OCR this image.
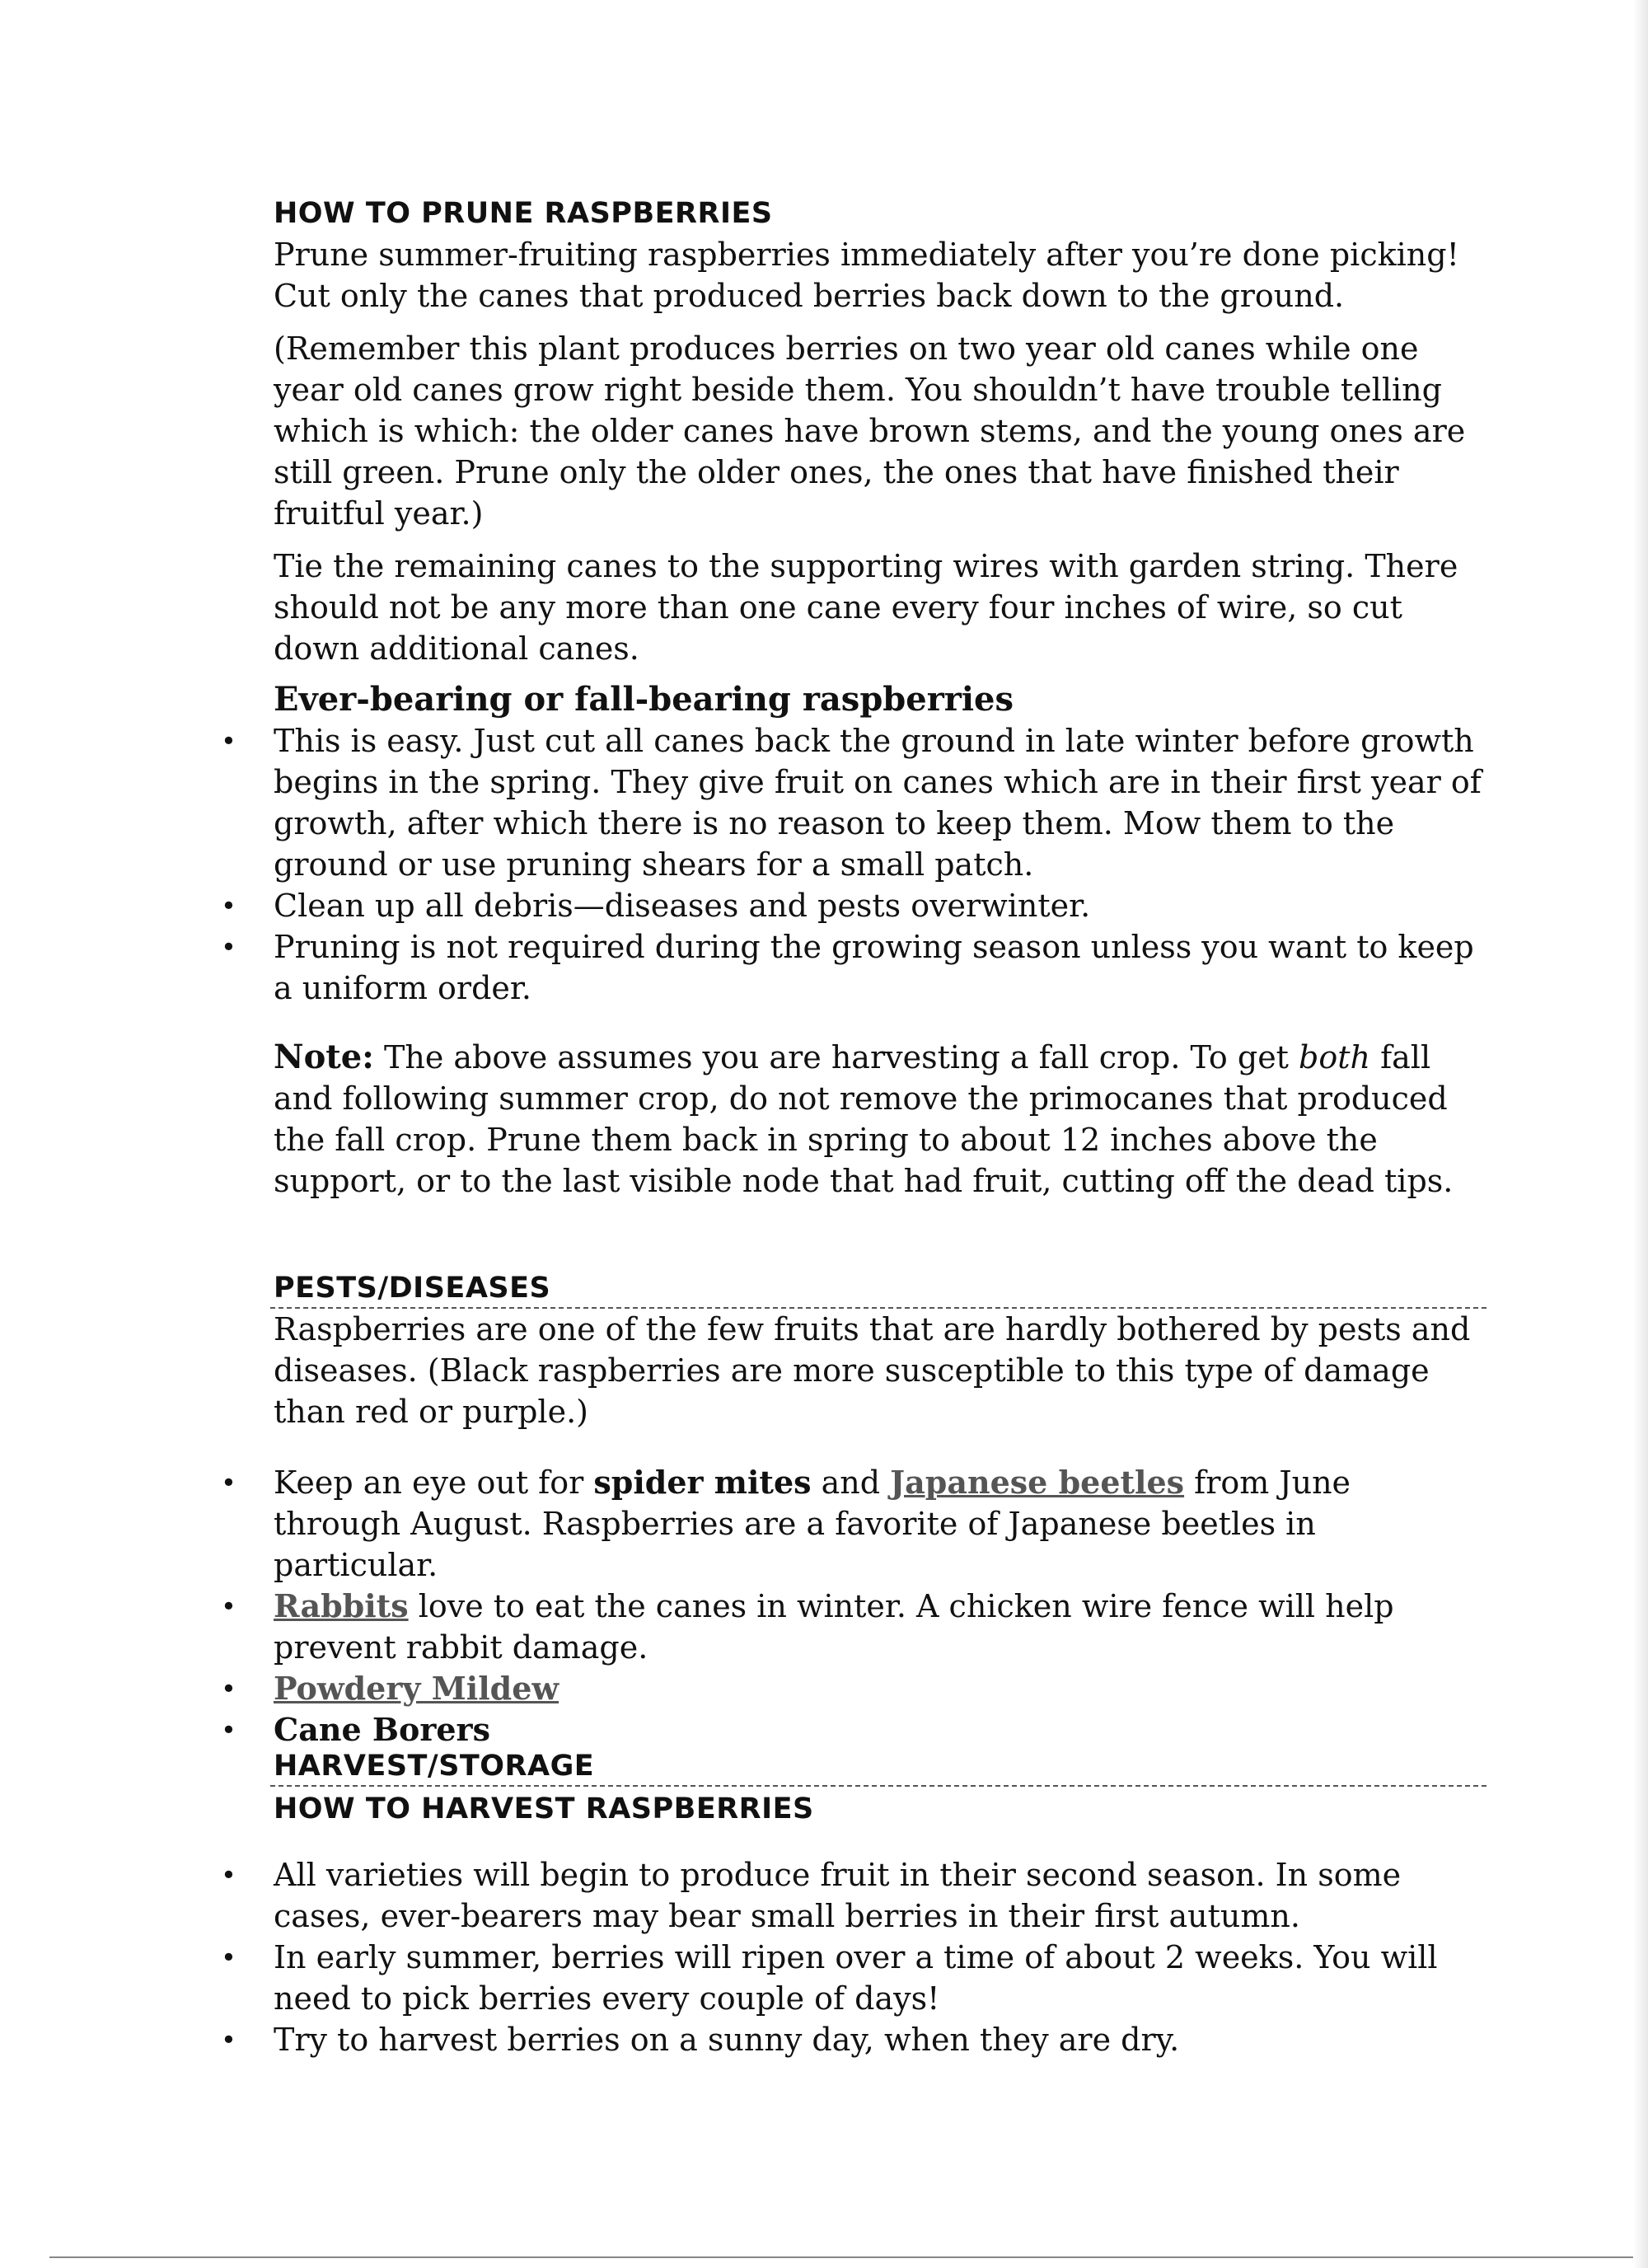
HOW TO PRUNE RASPBERRIES

Prune summer-fruiting raspberries immediately after you’re done picking! Cut only the canes that produced berries back down to the ground.

(Remember this plant produces berries on two year old canes while one year old canes grow right beside them. You shouldn’t have trouble telling which is which: the older canes have brown stems, and the young ones are still green. Prune only the older ones, the ones that have finished their fruitful year.)

Tie the remaining canes to the supporting wires with garden string. There should not be any more than one cane every four inches of wire, so cut down additional canes.

Ever-bearing or fall-bearing raspberries
• This is easy. Just cut all canes back the ground in late winter before growth begins in the spring. They give fruit on canes which are in their first year of growth, after which there is no reason to keep them. Mow them to the ground or use pruning shears for a small patch.
• Clean up all debris—diseases and pests overwinter.
• Pruning is not required during the growing season unless you want to keep a uniform order.

Note: The above assumes you are harvesting a fall crop. To get both fall and following summer crop, do not remove the primocanes that produced the fall crop. Prune them back in spring to about 12 inches above the support, or to the last visible node that had fruit, cutting off the dead tips.

PESTS/DISEASES

Raspberries are one of the few fruits that are hardly bothered by pests and diseases. (Black raspberries are more susceptible to this type of damage than red or purple.)

• Keep an eye out for spider mites and Japanese beetles from June through August. Raspberries are a favorite of Japanese beetles in particular.
• Rabbits love to eat the canes in winter. A chicken wire fence will help prevent rabbit damage.
• Powdery Mildew
• Cane Borers
HARVEST/STORAGE
HOW TO HARVEST RASPBERRIES
• All varieties will begin to produce fruit in their second season. In some cases, ever-bearers may bear small berries in their first autumn.
• In early summer, berries will ripen over a time of about 2 weeks. You will need to pick berries every couple of days!
• Try to harvest berries on a sunny day, when they are dry.
